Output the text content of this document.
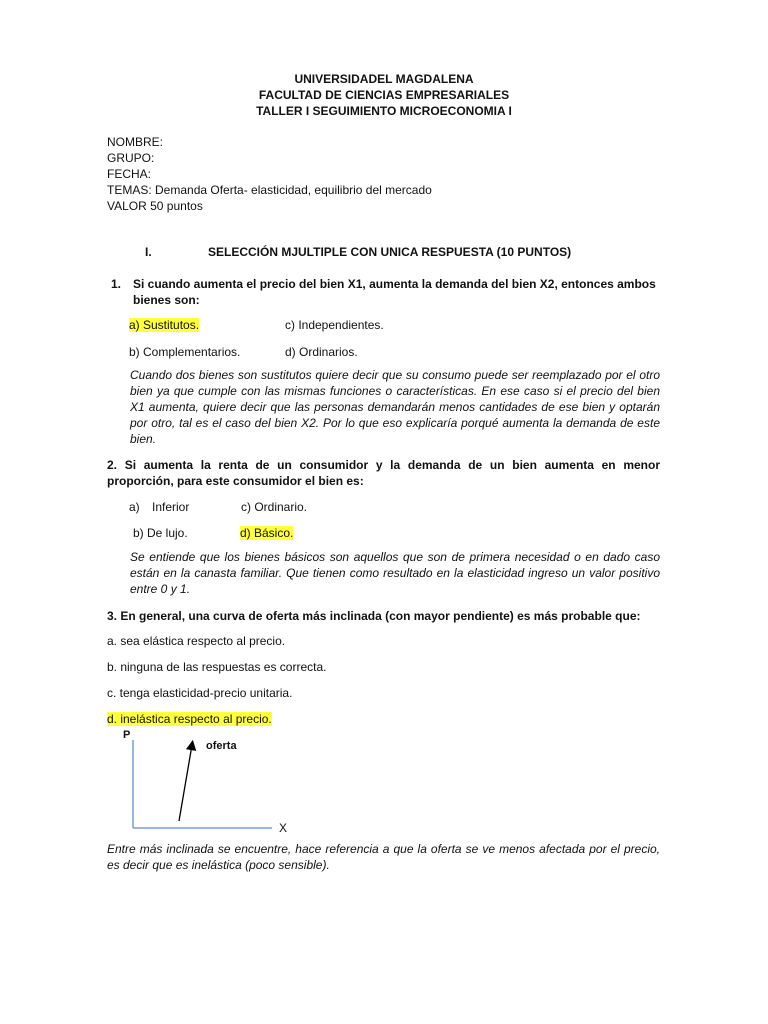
UNIVERSIDADEL MAGDALENA
FACULTAD DE CIENCIAS EMPRESARIALES
TALLER I SEGUIMIENTO MICROECONOMIA I
NOMBRE:
GRUPO:
FECHA:
TEMAS: Demanda Oferta- elasticidad, equilibrio del mercado
VALOR 50 puntos
I.	SELECCIÓN MJULTIPLE CON UNICA RESPUESTA (10 PUNTOS)
1. Si cuando aumenta el precio del bien X1, aumenta la demanda del bien X2, entonces ambos
bienes son:
a) Sustitutos.	c) Independientes.
b) Complementarios.	d) Ordinarios.
Cuando dos bienes son sustitutos quiere decir que su consumo puede ser reemplazado por el otro bien ya que cumple con las mismas funciones o características. En ese caso si el precio del bien X1 aumenta, quiere decir que las personas demandarán menos cantidades de ese bien y optarán por otro, tal es el caso del bien X2. Por lo que eso explicaría porqué aumenta la demanda de este bien.
2. Si aumenta la renta de un consumidor y la demanda de un bien aumenta en menor proporción, para este consumidor el bien es:
a) Inferior	c) Ordinario.
b) De lujo.	d) Básico.
Se entiende que los bienes básicos son aquellos que son de primera necesidad o en dado caso están en la canasta familiar. Que tienen como resultado en la elasticidad ingreso un valor positivo entre 0 y 1.
3. En general, una curva de oferta más inclinada (con mayor pendiente) es más probable que:
a. sea elástica respecto al precio.
b. ninguna de las respuestas es correcta.
c. tenga elasticidad-precio unitaria.
d. inelástica respecto al precio.
P
X
oferta
Entre más inclinada se encuentre, hace referencia a que la oferta se ve menos afectada por el precio, es decir que es inelástica (poco sensible).
